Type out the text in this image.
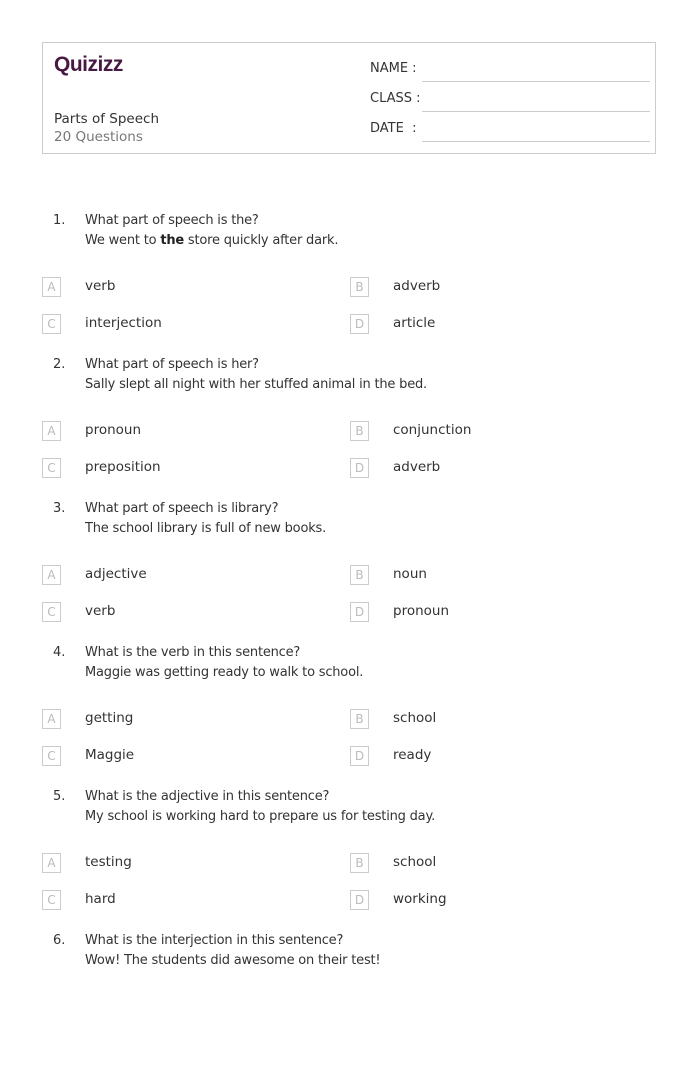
Quizizz
Parts of Speech
20 Questions
NAME :
CLASS :
DATE  :
1. What part of speech is the?
We went to the store quickly after dark.
A	verb	B	adverb
C	interjection	D	article
2. What part of speech is her?
Sally slept all night with her stuffed animal in the bed.
A	pronoun	B	conjunction
C	preposition	D	adverb
3. What part of speech is library?
The school library is full of new books.
A	adjective	B	noun
C	verb	D	pronoun
4. What is the verb in this sentence?
Maggie was getting ready to walk to school.
A	getting	B	school
C	Maggie	D	ready
5. What is the adjective in this sentence?
My school is working hard to prepare us for testing day.
A	testing	B	school
C	hard	D	working
6. What is the interjection in this sentence?
Wow! The students did awesome on their test!
